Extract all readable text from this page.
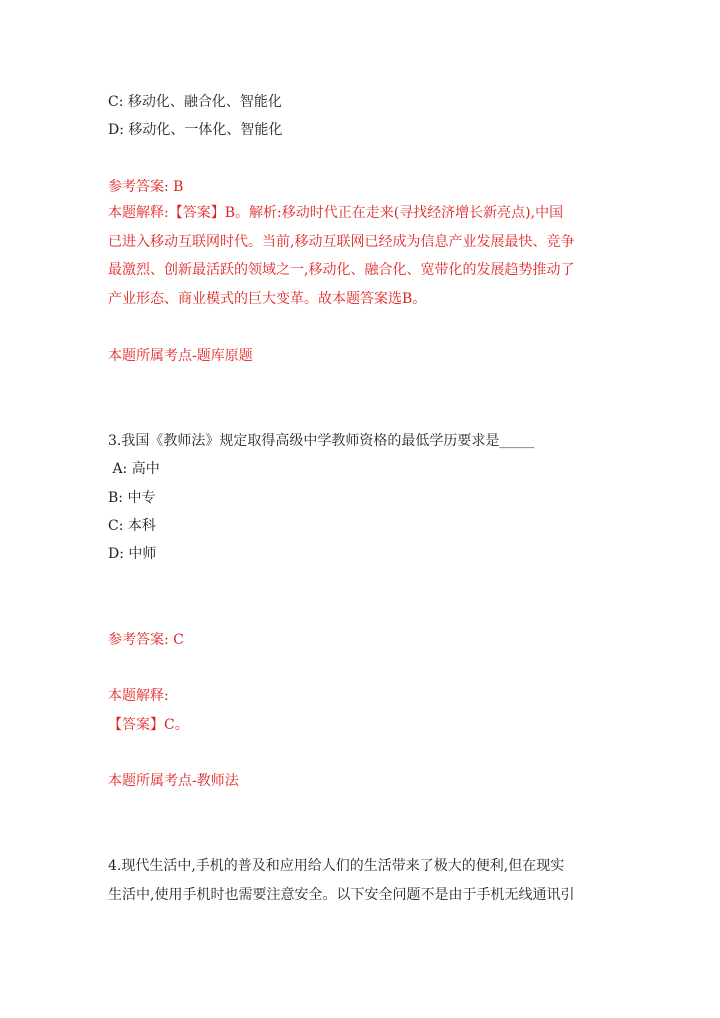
C: 移动化、融合化、智能化
D: 移动化、一体化、智能化
参考答案: B
本题解释:【答案】B。解析:移动时代正在走来(寻找经济增长新亮点),中国
已进入移动互联网时代。当前,移动互联网已经成为信息产业发展最快、竞争
最激烈、创新最活跃的领域之一,移动化、融合化、宽带化的发展趋势推动了
产业形态、商业模式的巨大变革。故本题答案选B。
本题所属考点-题库原题
3.我国《教师法》规定取得高级中学教师资格的最低学历要求是_____
A: 高中
B: 中专
C: 本科
D: 中师
参考答案: C
本题解释:
【答案】C。
本题所属考点-教师法
4.现代生活中,手机的普及和应用给人们的生活带来了极大的便利,但在现实
生活中,使用手机时也需要注意安全。以下安全问题不是由于手机无线通讯引
